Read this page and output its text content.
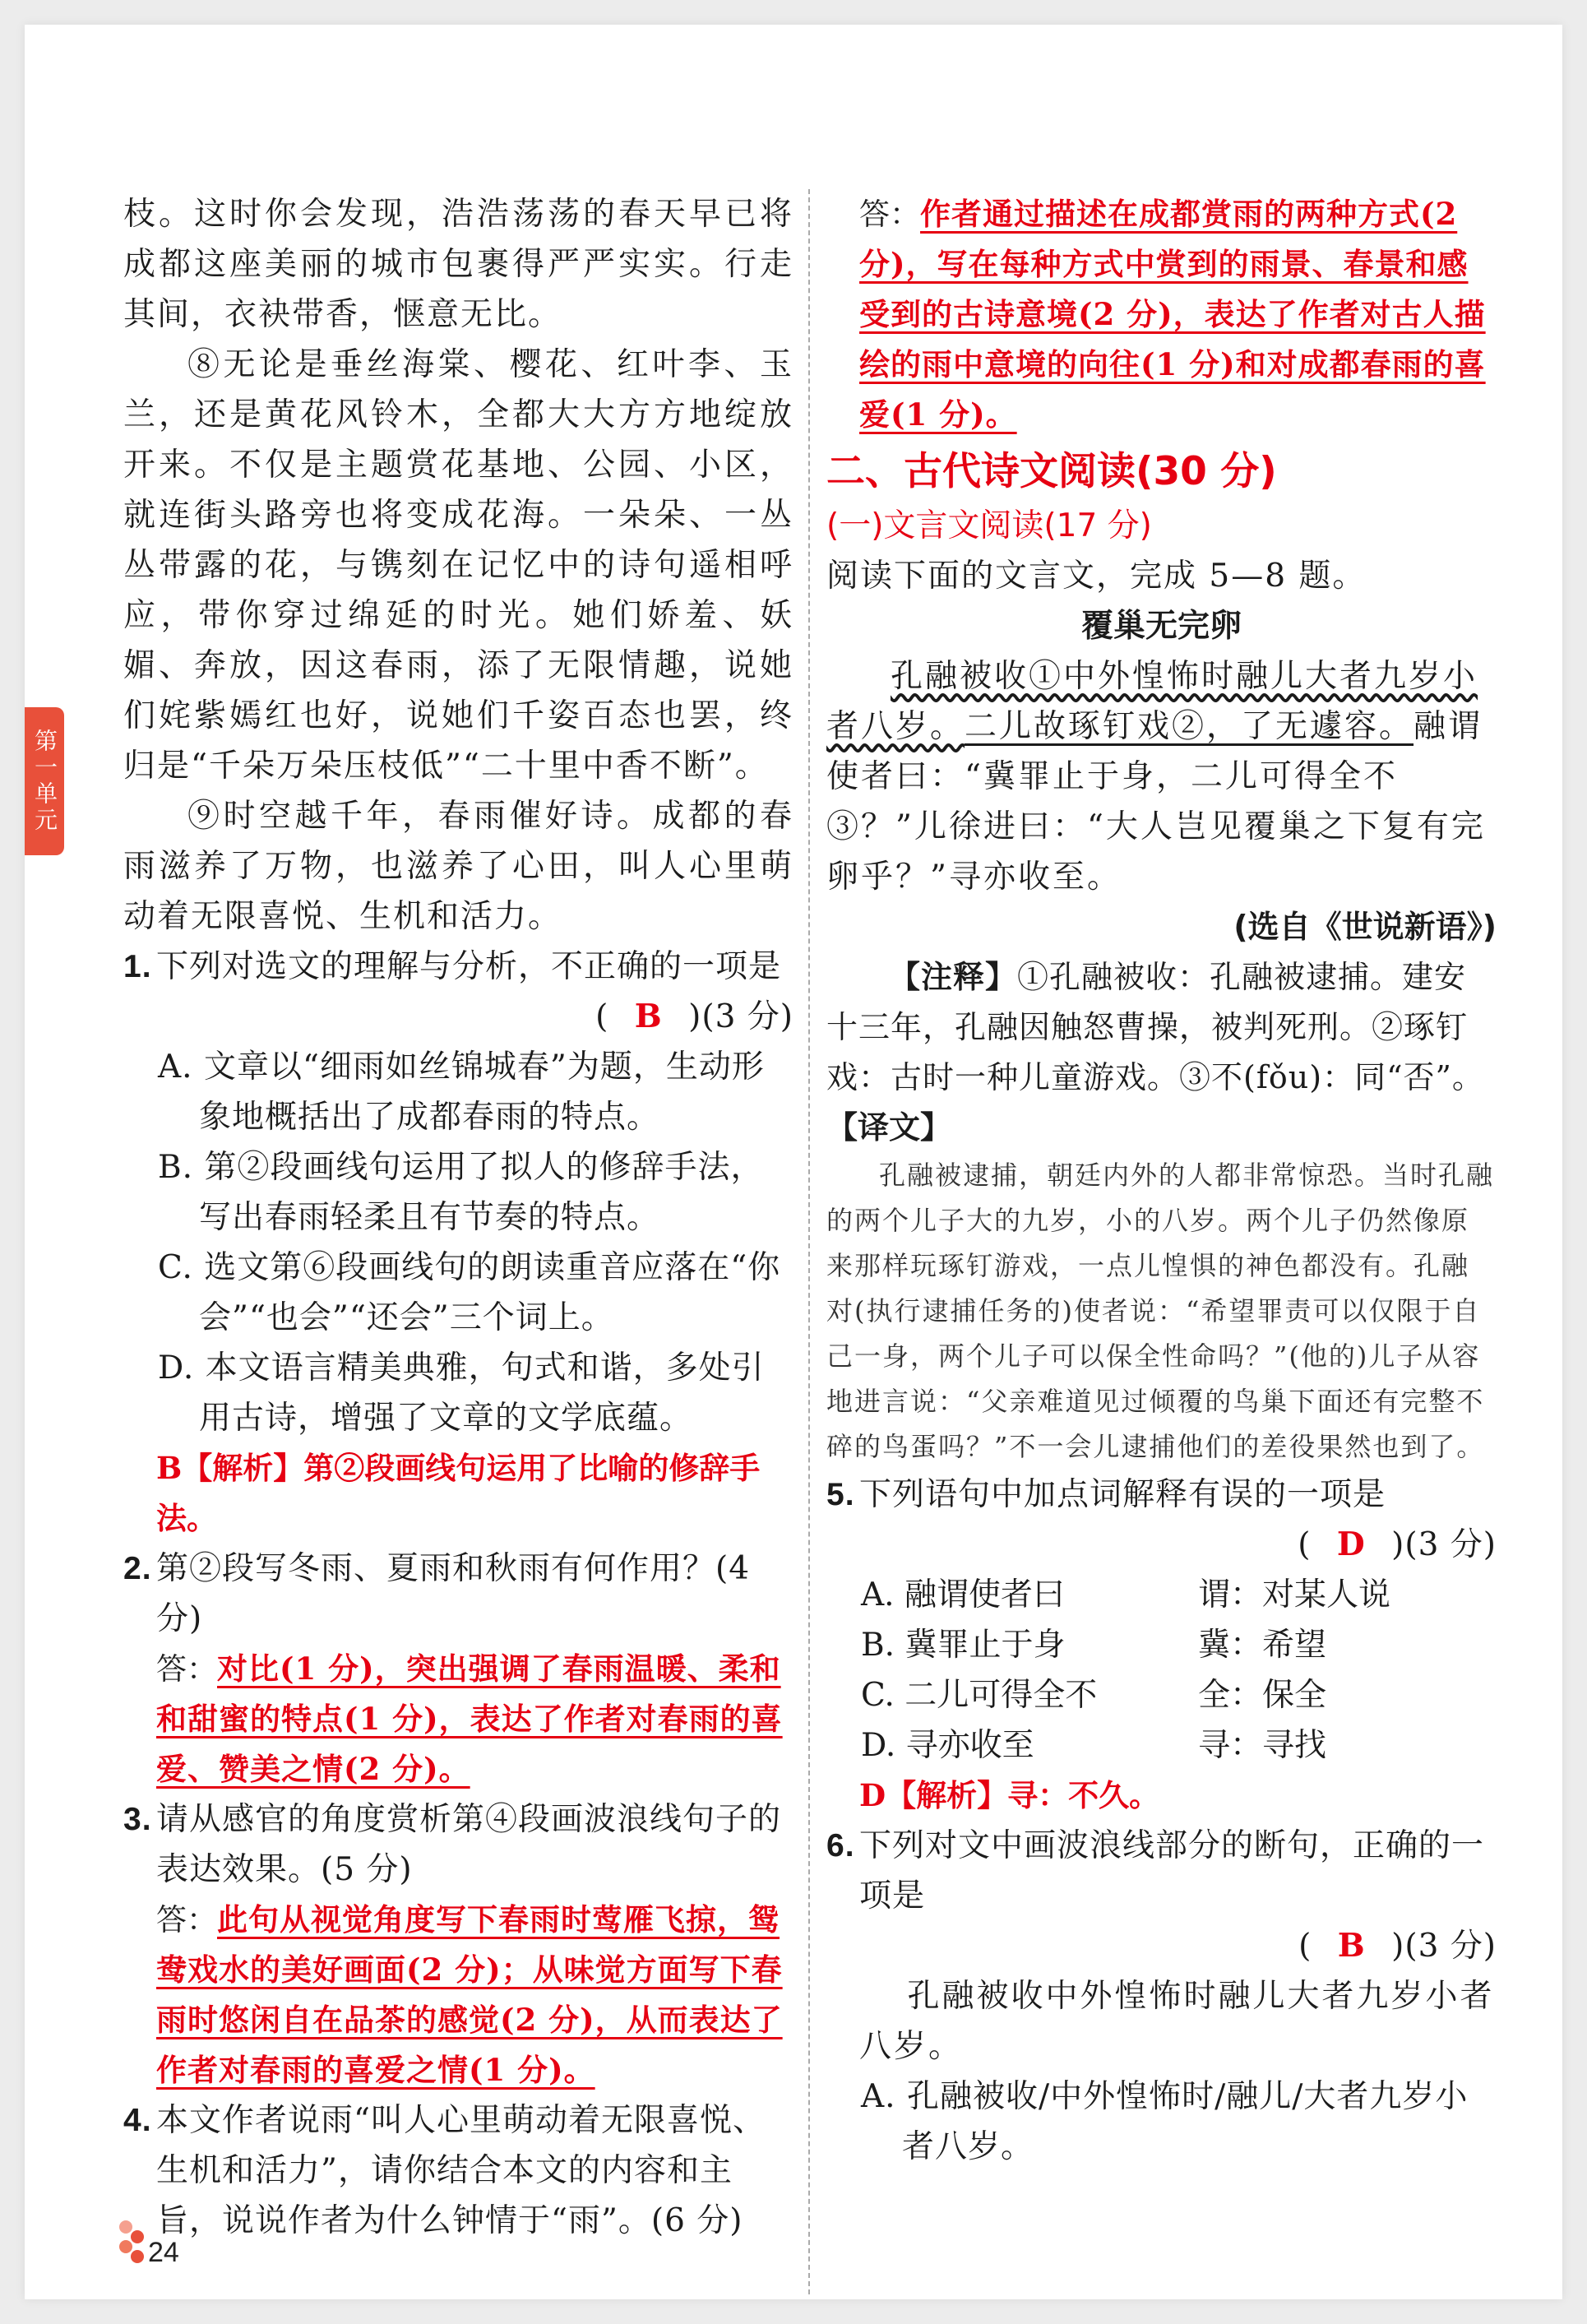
第一单元

枝。这时你会发现，浩浩荡荡的春天早已将成都这座美丽的城市包裹得严严实实。行走其间，衣袂带香，惬意无比。

⑧无论是垂丝海棠、樱花、红叶李、玉兰，还是黄花风铃木，全都大大方方地绽放开来。不仅是主题赏花基地、公园、小区，就连街头路旁也将变成花海。一朵朵、一丛丛带露的花，与镌刻在记忆中的诗句遥相呼应，带你穿过绵延的时光。她们娇羞、妖媚、奔放，因这春雨，添了无限情趣，说她们姹紫嫣红也好，说她们千姿百态也罢，终归是“千朵万朵压枝低”“二十里中香不断”。

⑨时空越千年，春雨催好诗。成都的春雨滋养了万物，也滋养了心田，叫人心里萌动着无限喜悦、生机和活力。

1. 下列对选文的理解与分析，不正确的一项是
( B )(3 分)

A. 文章以“细雨如丝锦城春”为题，生动形象地概括出了成都春雨的特点。

B. 第②段画线句运用了拟人的修辞手法，写出春雨轻柔且有节奏的特点。

C. 选文第⑥段画线句的朗读重音应落在“你会”“也会”“还会”三个词上。

D. 本文语言精美典雅，句式和谐，多处引用古诗，增强了文章的文学底蕴。

B【解析】第②段画线句运用了比喻的修辞手法。

2. 第②段写冬雨、夏雨和秋雨有何作用？(4 分)

答：对比(1 分)，突出强调了春雨温暖、柔和和甜蜜的特点(1 分)，表达了作者对春雨的喜爱、赞美之情(2 分)。

3. 请从感官的角度赏析第④段画波浪线句子的表达效果。(5 分)

答：此句从视觉角度写下春雨时莺雁飞掠，鸳鸯戏水的美好画面(2 分)；从味觉方面写下春雨时悠闲自在品茶的感觉(2 分)，从而表达了作者对春雨的喜爱之情(1 分)。

4. 本文作者说雨“叫人心里萌动着无限喜悦、生机和活力”，请你结合本文的内容和主旨，说说作者为什么钟情于“雨”。(6 分)

答：作者通过描述在成都赏雨的两种方式(2 分)，写在每种方式中赏到的雨景、春景和感受到的古诗意境(2 分)，表达了作者对古人描绘的雨中意境的向往(1 分)和对成都春雨的喜爱(1 分)。

二、古代诗文阅读(30 分)

(一)文言文阅读(17 分)

阅读下面的文言文，完成 5—8 题。

覆巢无完卵

孔融被收①中外惶怖时融儿大者九岁小者八岁。二儿故琢钉戏②，了无遽容。融谓使者曰：“冀罪止于身，二儿可得全不③？”儿徐进曰：“大人岂见覆巢之下复有完卵乎？”寻亦收至。

(选自《世说新语》)

【注释】①孔融被收：孔融被逮捕。建安十三年，孔融因触怒曹操，被判死刑。②琢钉戏：古时一种儿童游戏。③不(fǒu)：同“否”。

【译文】

孔融被逮捕，朝廷内外的人都非常惊恐。当时孔融的两个儿子大的九岁，小的八岁。两个儿子仍然像原来那样玩琢钉游戏，一点儿惶惧的神色都没有。孔融对(执行逮捕任务的)使者说：“希望罪责可以仅限于自己一身，两个儿子可以保全性命吗？”(他的)儿子从容地进言说：“父亲难道见过倾覆的鸟巢下面还有完整不碎的鸟蛋吗？”不一会儿逮捕他们的差役果然也到了。

5. 下列语句中加点词解释有误的一项是
( D )(3 分)
A. 融谓使者曰	谓：对某人说
B. 冀罪止于身	冀：希望
C. 二儿可得全不	全：保全
D. 寻亦收至	寻：寻找

D【解析】寻：不久。

6. 下列对文中画波浪线部分的断句，正确的一项是
( B )(3 分)

孔融被收中外惶怖时融儿大者九岁小者八岁。

A. 孔融被收/中外惶怖时/融儿/大者九岁小者八岁。

24
